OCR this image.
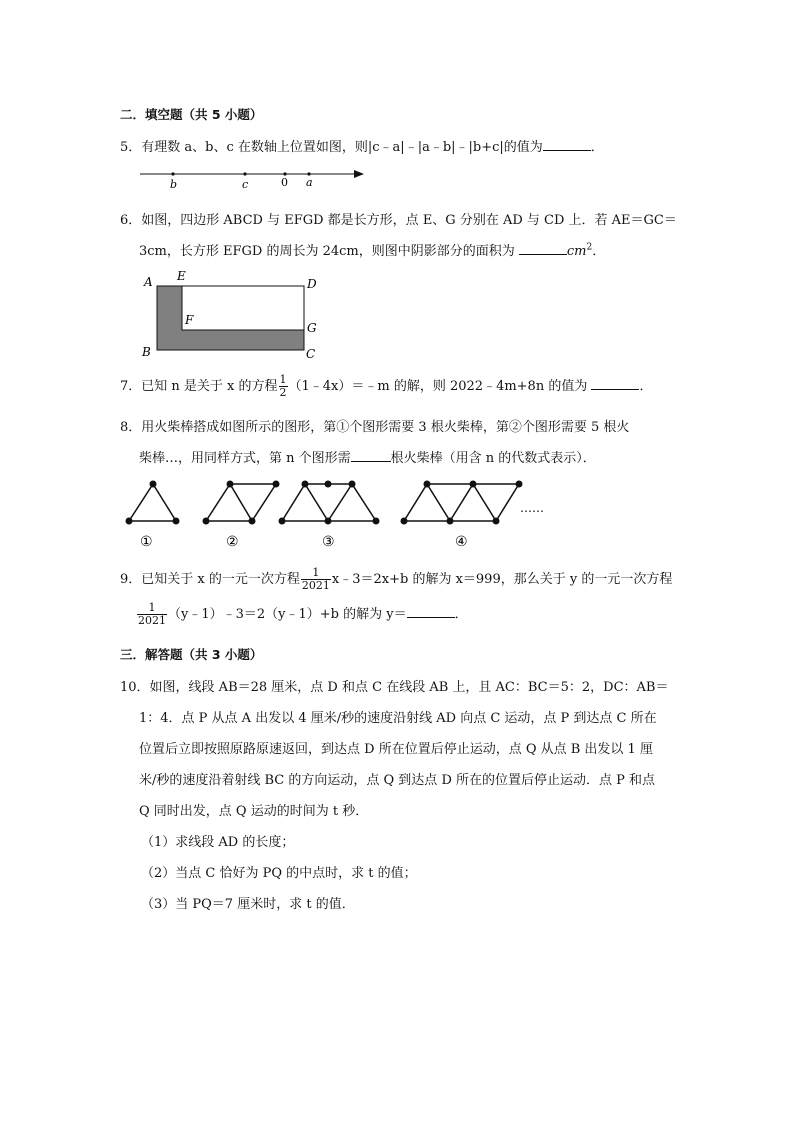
二．填空题（共 5 小题）
5．有理数 a、b、c 在数轴上位置如图，则|c﹣a|﹣|a﹣b|﹣|b+c|的值为	．
b	c	0 a
6．如图，四边形 ABCD 与 EFGD 都是长方形，点 E、G 分别在 AD 与 CD 上．若 AE＝GC＝
3cm，长方形 EFGD 的周长为 24cm，则图中阴影部分的面积为	$cm^2$．
A E
D
F
G
B	C
7．已知 n 是关于 x 的方程 $\frac{1}{2}$ （1﹣4x）＝﹣m 的解，则 2022﹣4m+8n 的值为	．
8．用火柴棒搭成如图所示的图形，第①个图形需要 3 根火柴棒，第②个图形需要 5 根火
柴棒…，用同样方式，第 n 个图形需	根火柴棒（用含 n 的代数式表示）．
……
①	②	③	④
9．已知关于 x 的一元一次方程 $\frac{1}{2021}$ x﹣3＝2x+b 的解为 x＝999，那么关于 y 的一元一次方程
$\frac{1}{2021}$ （y﹣1）﹣3＝2（y﹣1）+b 的解为 y＝	．
三．解答题（共 3 小题）
10．如图，线段 AB＝28 厘米，点 D 和点 C 在线段 AB 上，且 AC：BC＝5：2，DC：AB＝
1：4．点 P 从点 A 出发以 4 厘米/秒的速度沿射线 AD 向点 C 运动，点 P 到达点 C 所在
位置后立即按照原路原速返回，到达点 D 所在位置后停止运动，点 Q 从点 B 出发以 1 厘
米/秒的速度沿着射线 BC 的方向运动，点 Q 到达点 D 所在的位置后停止运动．点 P 和点
Q 同时出发，点 Q 运动的时间为 t 秒．
（1）求线段 AD 的长度；
（2）当点 C 恰好为 PQ 的中点时，求 t 的值；
（3）当 PQ＝7 厘米时，求 t 的值．
